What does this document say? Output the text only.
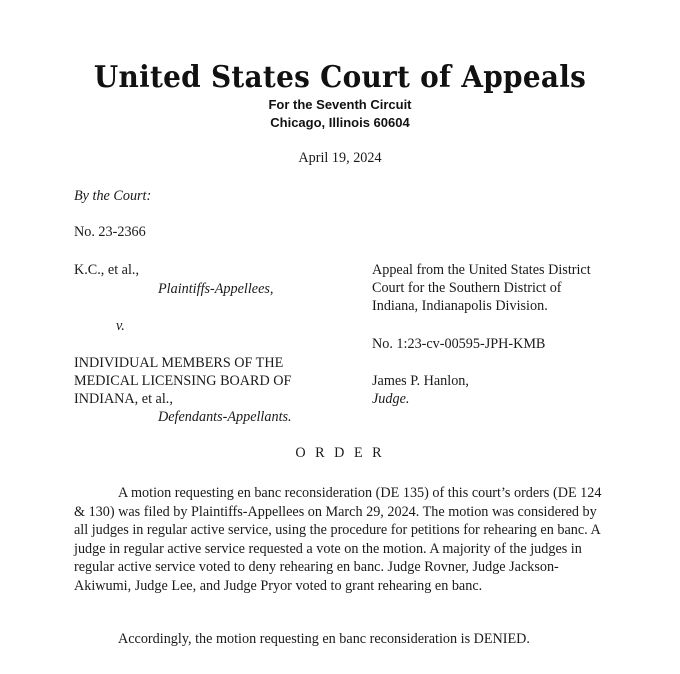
United States Court of Appeals
For the Seventh Circuit
Chicago, Illinois 60604
April 19, 2024
By the Court:
No. 23-2366
K.C., et al.,
Plaintiffs-Appellees,
v.
INDIVIDUAL MEMBERS OF THE
MEDICAL LICENSING BOARD OF
INDIANA, et al.,
Defendants-Appellants.
Appeal from the United States District
Court for the Southern District of
Indiana, Indianapolis Division.
No. 1:23-cv-00595-JPH-KMB
James P. Hanlon,
Judge.
O R D E R
A motion requesting en banc reconsideration (DE 135) of this court’s orders (DE 124 & 130) was filed by Plaintiffs-Appellees on March 29, 2024. The motion was considered by all judges in regular active service, using the procedure for petitions for rehearing en banc. A judge in regular active service requested a vote on the motion. A majority of the judges in regular active service voted to deny rehearing en banc. Judge Rovner, Judge Jackson-Akiwumi, Judge Lee, and Judge Pryor voted to grant rehearing en banc.
Accordingly, the motion requesting en banc reconsideration is DENIED.
